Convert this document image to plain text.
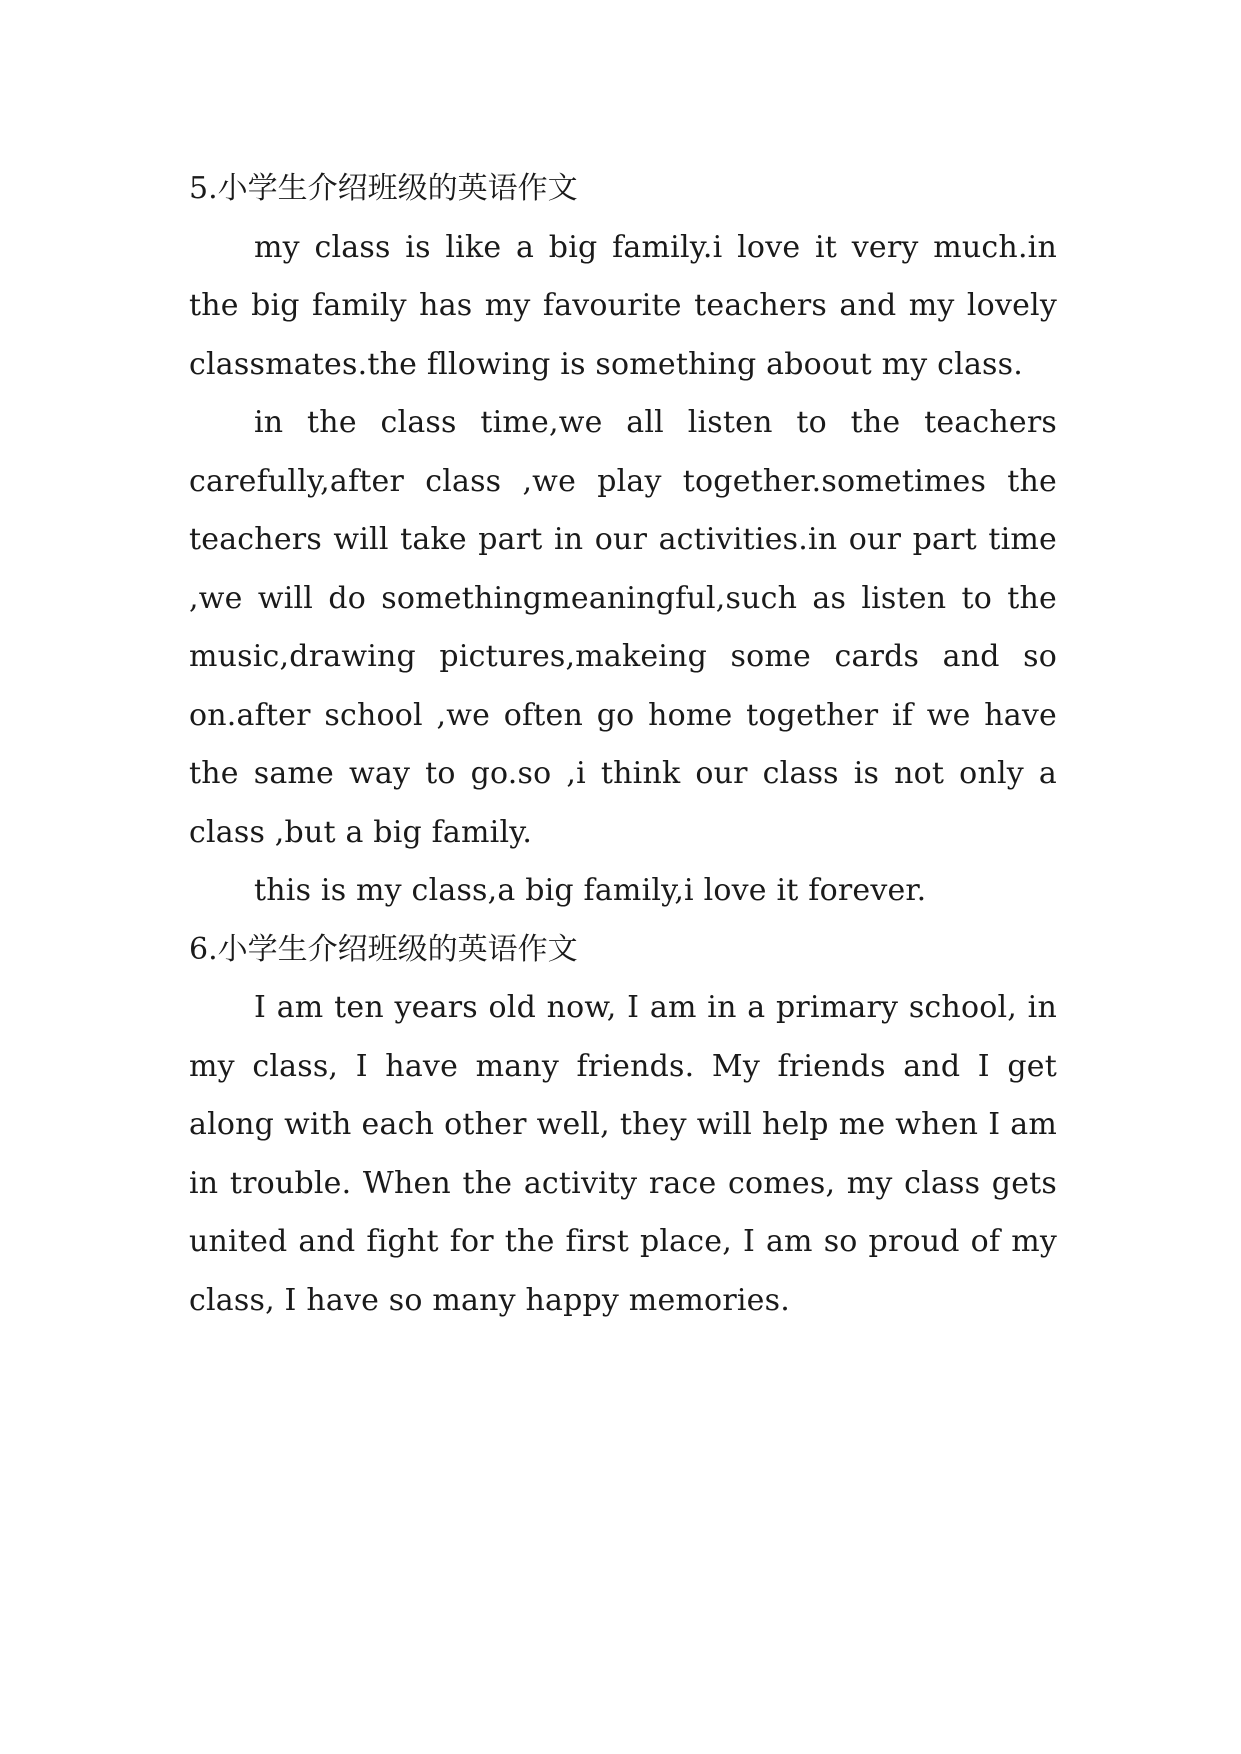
5.小学生介绍班级的英语作文

my class is like a big family.i love it very much.in the big family has my favourite teachers and my lovely classmates.the fllowing is something aboout my class.

in the class time,we all listen to the teachers carefully,after class ,we play together.sometimes the teachers will take part in our activities.in our part time ,we will do somethingmeaningful,such as listen to the music,drawing pictures,makeing some cards and so on.after school ,we often go home together if we have the same way to go.so ,i think our class is not only a class ,but a big family.

this is my class,a big family,i love it forever.

6.小学生介绍班级的英语作文

I am ten years old now, I am in a primary school, in my class, I have many friends. My friends and I get along with each other well, they will help me when I am in trouble. When the activity race comes, my class gets united and fight for the first place, I am so proud of my class, I have so many happy memories.
